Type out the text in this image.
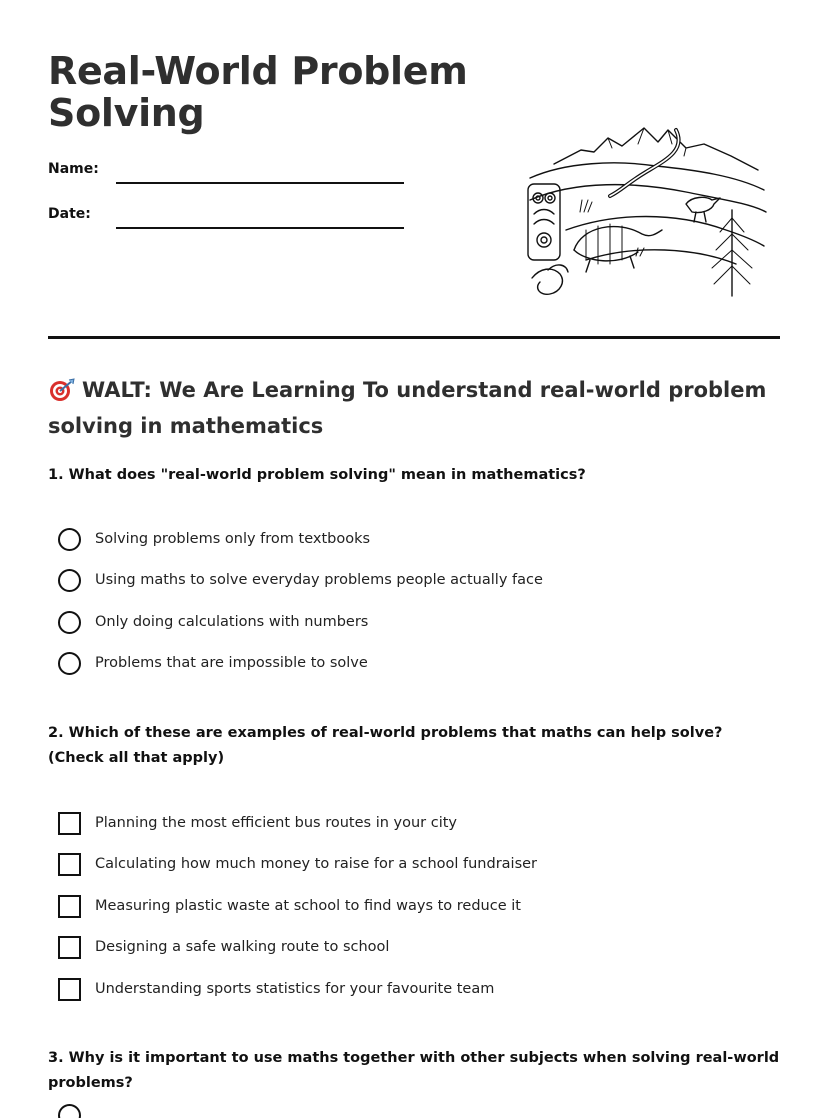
Real-World Problem Solving
Name:
Date:
WALT: We Are Learning To understand real-world problem solving in mathematics

1. What does "real-world problem solving" mean in mathematics?

Solving problems only from textbooks
Using maths to solve everyday problems people actually face
Only doing calculations with numbers
Problems that are impossible to solve

2. Which of these are examples of real-world problems that maths can help solve? (Check all that apply)

Planning the most efficient bus routes in your city
Calculating how much money to raise for a school fundraiser
Measuring plastic waste at school to find ways to reduce it
Designing a safe walking route to school
Understanding sports statistics for your favourite team

3. Why is it important to use maths together with other subjects when solving real-world problems?
